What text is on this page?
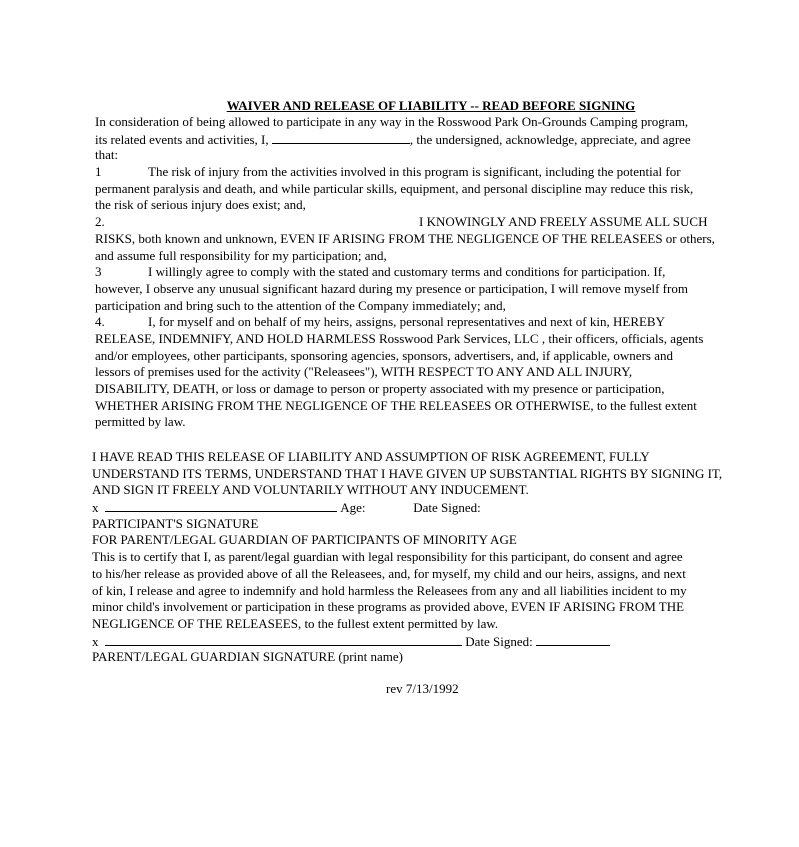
WAIVER AND RELEASE OF LIABILITY -- READ BEFORE SIGNING
In consideration of being allowed to participate in any way in the Rosswood Park On-Grounds Camping program,
its related events and activities, I,	, the undersigned, acknowledge, appreciate, and agree
that:
1	The risk of injury from the activities involved in this program is significant, including the potential for
permanent paralysis and death, and while particular skills, equipment, and personal discipline may reduce this risk,
the risk of serious injury does exist; and,
2.	I KNOWINGLY AND FREELY ASSUME ALL SUCH
RISKS, both known and unknown, EVEN IF ARISING FROM THE NEGLIGENCE OF THE RELEASEES or others,
and assume full responsibility for my participation; and,
3	I willingly agree to comply with the stated and customary terms and conditions for participation. If,
however, I observe any unusual significant hazard during my presence or participation, I will remove myself from
participation and bring such to the attention of the Company immediately; and,
4.	I, for myself and on behalf of my heirs, assigns, personal representatives and next of kin, HEREBY
RELEASE, INDEMNIFY, AND HOLD HARMLESS Rosswood Park Services, LLC , their officers, officials, agents
and/or employees, other participants, sponsoring agencies, sponsors, advertisers, and, if applicable, owners and
lessors of premises used for the activity ("Releasees"), WITH RESPECT TO ANY AND ALL INJURY,
DISABILITY, DEATH, or loss or damage to person or property associated with my presence or participation,
WHETHER ARISING FROM THE NEGLIGENCE OF THE RELEASEES OR OTHERWISE, to the fullest extent
permitted by law.
I HAVE READ THIS RELEASE OF LIABILITY AND ASSUMPTION OF RISK AGREEMENT, FULLY
UNDERSTAND ITS TERMS, UNDERSTAND THAT I HAVE GIVEN UP SUBSTANTIAL RIGHTS BY SIGNING IT,
AND SIGN IT FREELY AND VOLUNTARILY WITHOUT ANY INDUCEMENT.
x	Age:	Date Signed:
PARTICIPANT'S SIGNATURE
FOR PARENT/LEGAL GUARDIAN OF PARTICIPANTS OF MINORITY AGE
This is to certify that I, as parent/legal guardian with legal responsibility for this participant, do consent and agree
to his/her release as provided above of all the Releasees, and, for myself, my child and our heirs, assigns, and next
of kin, I release and agree to indemnify and hold harmless the Releasees from any and all liabilities incident to my
minor child's involvement or participation in these programs as provided above, EVEN IF ARISING FROM THE
NEGLIGENCE OF THE RELEASEES, to the fullest extent permitted by law.
x	Date Signed:
PARENT/LEGAL GUARDIAN SIGNATURE (print name)
rev 7/13/1992
